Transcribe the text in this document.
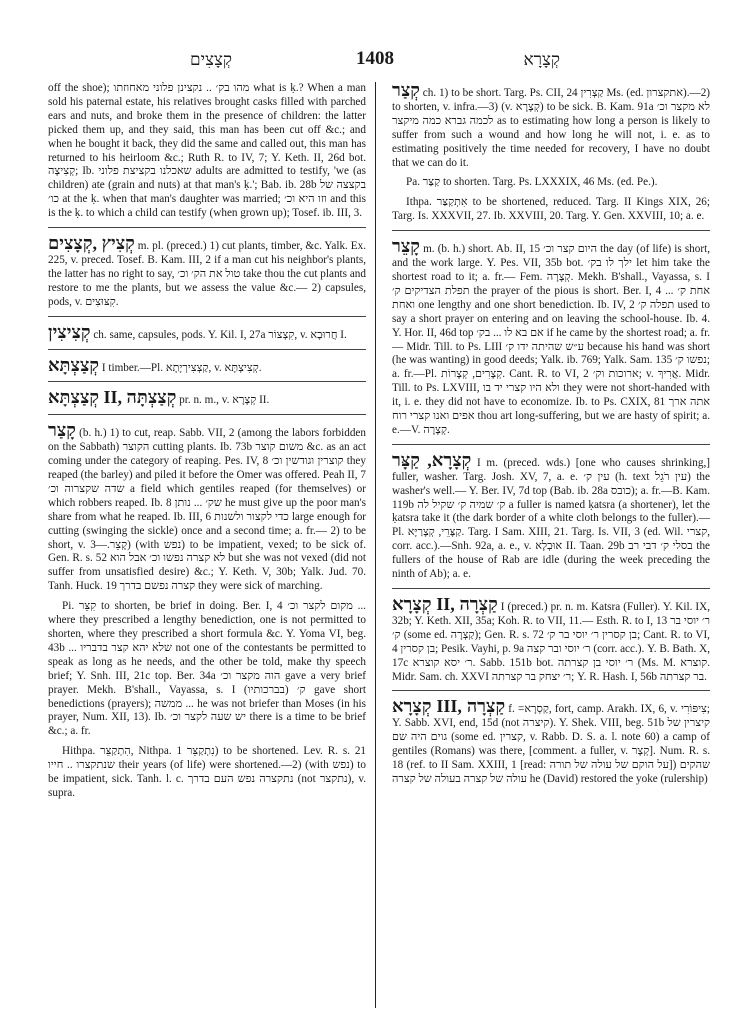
קְצָצִים	1408	קְצָרָא

off the shoe); מהו בק׳ .. נקצינן פלוני מאחוזתו what is ḳ.? When a man sold his paternal estate, his relatives brought casks filled with parched ears and nuts, and broke them in the presence of children: the latter picked them up, and they said, this man has been cut off &c.; and when he bought it back, they did the same and called out, this man has returned to his heirloom &c.; Ruth R. to IV, 7; Y. Keth. II, 26d bot. קְצִיצָה; Ib. שאכלנו בקציצת פלוני adults are admitted to testify, 'we (as children) ate (grain and nuts) at that man's ḳ.'; Bab. ib. 28b בקצצה של כו׳ at the ḳ. when that man's daughter was married; וזו היא וכ׳ and this is the ḳ. to which a child can testify (when grown up); Tosef. ib. III, 3.

קְצִיץ ,קְצָצִים m. pl. (preced.) 1) cut plants, timber, &c. Yalk. Ex. 225, v. preced. Tosef. B. Kam. III, 2 if a man cut his neighbor's plants, the latter has no right to say, טול את הק׳ וכ׳ take thou the cut plants and restore to me the plants, but we assess the value &c.— 2) capsules, pods, v. קִצּוּצִים.

קְצִיצִין ch. same, capsules, pods. Y. Kil. I, 27a קִצְצוֹר, v. חֲרוּבָא I.

קְצַצְתָּא I timber.—Pl. קַצְצִירְיָתָא, v. קְצִיצְתָּא.

קְצַצְתָּא II, קְצַצְתָּה pr. n. m., v. קְצָרָא II.

קָצַר (b. h.) 1) to cut, reap. Sabb. VII, 2 (among the labors forbidden on the Sabbath) הקוצר cutting plants. Ib. 73b משום קוצר &c. as an act coming under the category of reaping. Pes. IV, 8 קוצרין וגודשין וכ׳ they reaped (the barley) and piled it before the Omer was offered. Peah II, 7 שדה שקצרוה וכ׳ a field which gentiles reaped (for themselves) or which robbers reaped. Ib. 8 שק׳ ... נותן he must give up the poor man's share from what he reaped. Ib. III, 6 כדי לקצור ולשנות large enough for cutting (swinging the sickle) once and a second time; a. fr.— 2) to be short, v. קָצֵר.—3) (with נפש) to be impatient, vexed; to be sick of. Gen. R. s. 52 לא קצרה נפשו וכ׳ אבל הוא but she was not vexed (did not suffer from unsatisfied desire) &c.; Y. Keth. V, 30b; Yalk. Jud. 70. Tanh. Huck. 19 קצרה נפשם בדרך they were sick of marching.

Pi. קִצֵּר to shorten, be brief in doing. Ber. I, 4 מקום לקצר וכ׳ ... where they prescribed a lengthy benediction, one is not permitted to shorten, where they prescribed a short formula &c. Y. Yoma VI, beg. 43b ... שלא יהא קצר בדבריו not one of the contestants be permitted to speak as long as he needs, and the other be told, make thy speech brief; Y. Snh. III, 21c top. Ber. 34a הוה מקצר וכ׳ gave a very brief prayer. Mekh. B'shall., Vayassa, s. I (בברכותיו) ק׳ gave short benedictions (prayers); ממשה ... he was not briefer than Moses (in his prayer, Num. XII, 13). Ib. יש שעה לקצר וכ׳ there is a time to be brief &c.; a. fr.

Hithpa. הִתְקַצֵּר, Nithpa. נִתְקַצֵּר 1) to be shortened. Lev. R. s. 21 שנתקצרו .. חייו their years (of life) were shortened.—2) (with נפש) to be impatient, sick. Tanh. l. c. נתקצרה נפש העם בדרך (not נתקצר), v. supra.

קְצַר ch. 1) to be short. Targ. Ps. CII, 24 קַצְרִין Ms. (ed. אתקצרון).—2) to shorten, v. infra.—3) (v. קְצָרָא) to be sick. B. Kam. 91a לא מקצר וכ׳ לכמה גברא כמה מיקצר as to estimating how long a person is likely to suffer from such a wound and how long he will not, i. e. as to estimating positively the time needed for recovery, I have no doubt that we can do it.

Pa. קַצַּר to shorten. Targ. Ps. LXXXIX, 46 Ms. (ed. Pe.).

Ithpa. אִתְקַצַּר to be shortened, reduced. Targ. II Kings XIX, 26; Targ. Is. XXXVII, 27. Ib. XXVIII, 20. Targ. Y. Gen. XXVIII, 10; a. e.

קָצֵר m. (b. h.) short. Ab. II, 15 היום קצר וכ׳ the day (of life) is short, and the work large. Y. Pes. VII, 35b bot. ילך לו בק׳ let him take the shortest road to it; a. fr.— Fem. קְצָרָה. Mekh. B'shall., Vayassa, s. I תפלת הצדיקים ק׳ the prayer of the pious is short. Ber. I, 4 ... אחת ק׳ ואחת one lengthy and one short benediction. Ib. IV, 2 תפלה ק׳ used to say a short prayer on entering and on leaving the school-house. Ib. 4. Y. Hor. II, 46d top אם בא לו ... בק׳ if he came by the shortest road; a. fr.— Midr. Till. to Ps. LIII ע״ש שהיתה ידו ק׳ because his hand was short (he was wanting) in good deeds; Yalk. ib. 769; Yalk. Sam. 135 נפשו ק׳; a. fr.—Pl. קְצָרִים, קְצָרוֹת. Cant. R. to VI, 2 ארוכות וק׳; v. אֲרִיךְ. Midr. Till. to Ps. LXVIII, ולא היו קצרי יד בו they were not short-handed with it, i. e. they did not have to economize. Ib. to Ps. CXIX, 81 אתה ארך אפים ואנו קצרי רוח thou art long-suffering, but we are hasty of spirit; a. e.—V. קְצָרָה.

קְצָרָא, קַצָּר I m. (preced. wds.) [one who causes shrinking,] fuller, washer. Targ. Josh. XV, 7, a. e. עין ק׳ (h. text עין רֹגֵל) the washer's well.— Y. Ber. IV, 7d top (Bab. ib. 28a כובס); a. fr.—B. Kam. 119b ק׳ שמיה ק׳ שקיל לה a fuller is named ḳatsra (a shortener), let the ḳatsra take it (the dark border of a white cloth belongs to the fuller).—Pl. קַצָּרֵי, קְצָרַיָּא. Targ. I Sam. XIII, 21. Targ. Is. VII, 3 (ed. Wil. קצרי, corr. acc.).—Snh. 92a, a. e., v. אוּבְלָא II. Taan. 29b בסלי ק׳ דבי רב the fullers of the house of Rab are idle (during the week preceding the ninth of Ab); a. e.

קְצָרָא II, קַצְרָה I (preced.) pr. n. m. Katsra (Fuller). Y. Kil. IX, 32b; Y. Keth. XII, 35a; Koh. R. to VII, 11.— Esth. R. to I, 13 ר׳ יוסי בר ק׳ (some ed. קַצְרָה); Gen. R. s. 72 בן קסרין ר׳ יוסי בר ק׳; Cant. R. to VI, 4 בן קסרין; Pesik. Vayhi, p. 9a ר׳ יוסי ובר קצה (corr. acc.). Y. B. Bath. X, 17c ר׳ יסא קוצרא. Sabb. 151b bot. ר׳ יוסי בן קצרתה (Ms. M. קוצרא. Midr. Sam. ch. XXVI ר׳ יצחק בר קצרתה; Y. R. Hash. I, 56b בר קצרתה.

קְצָרָא III, קַצְרָה f. =קַסְרָא, fort, camp. Arakh. IX, 6, v. צִיפּוֹרִי; Y. Sabb. XVI, end, 15d (not קיצרה). Y. Shek. VIII, beg. 51b קיצרין של גוים היה שם (some ed. קצרין, v. Rabb. D. S. a. l. note 60) a camp of gentiles (Romans) was there, [comment. a fuller, v. קְצָר]. Num. R. s. 18 (ref. to II Sam. XXIII, 1 [read: על הוקם של עולה של תורה]) שהקים עולה של קצרה בעולה של קצרה he (David) restored the yoke (rulership)
